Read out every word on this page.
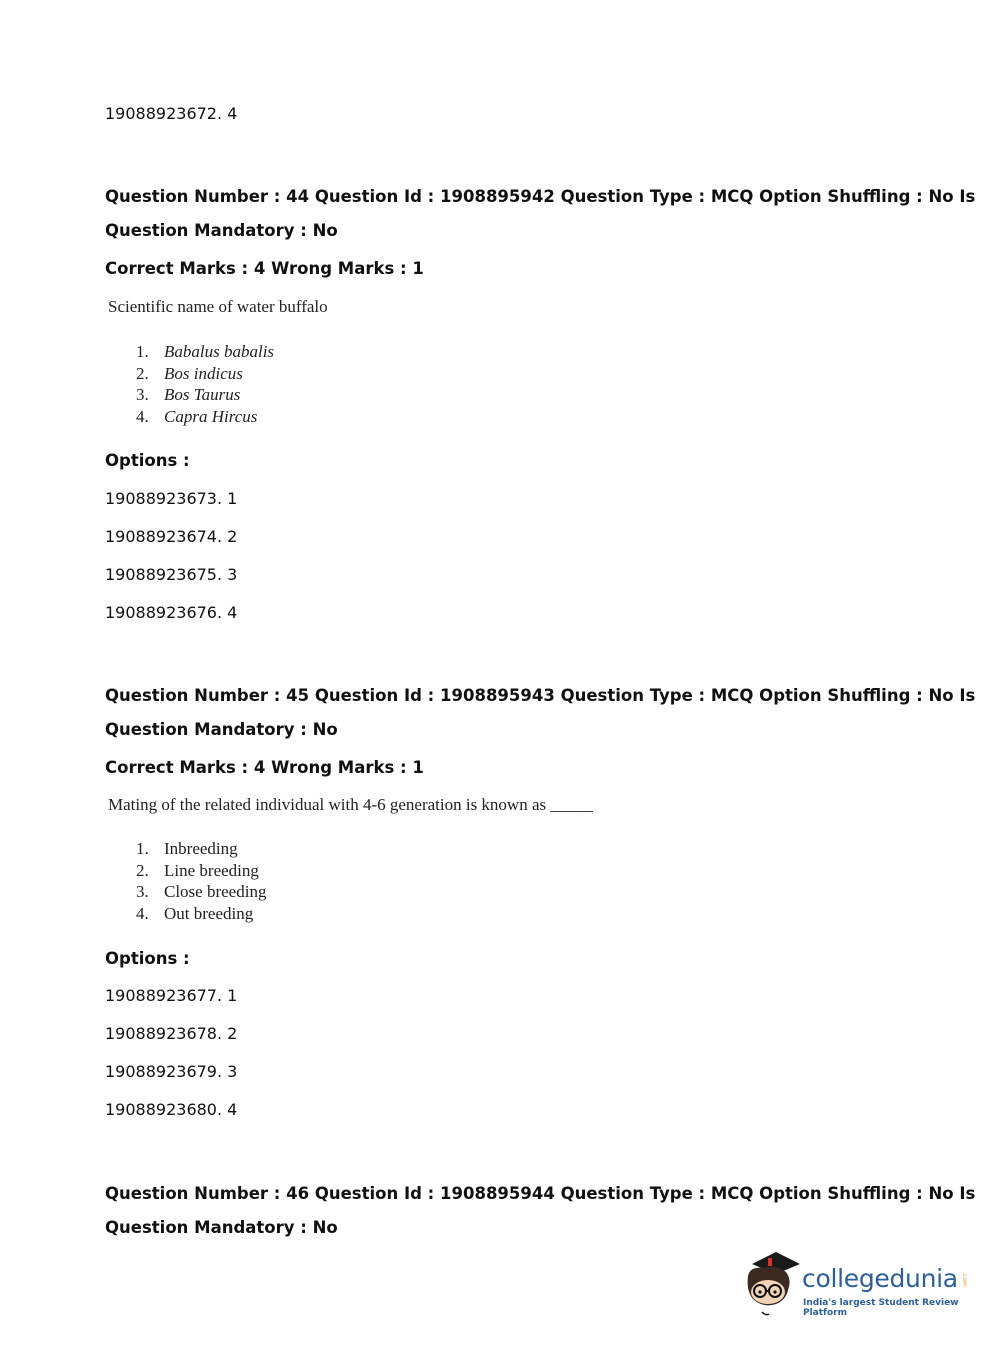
19088923672. 4
Question Number : 44 Question Id : 1908895942 Question Type : MCQ Option Shuffling : No Is
Question Mandatory : No
Correct Marks : 4 Wrong Marks : 1
Scientific name of water buffalo
1. Babalus babalis
2. Bos indicus
3. Bos Taurus
4. Capra Hircus
Options :
19088923673. 1
19088923674. 2
19088923675. 3
19088923676. 4
Question Number : 45 Question Id : 1908895943 Question Type : MCQ Option Shuffling : No Is
Question Mandatory : No
Correct Marks : 4 Wrong Marks : 1
Mating of the related individual with 4-6 generation is known as _____
1. Inbreeding
2. Line breeding
3. Close breeding
4. Out breeding
Options :
19088923677. 1
19088923678. 2
19088923679. 3
19088923680. 4
Question Number : 46 Question Id : 1908895944 Question Type : MCQ Option Shuffling : No Is
Question Mandatory : No
collegedunia .com
India's largest Student Review Platform
